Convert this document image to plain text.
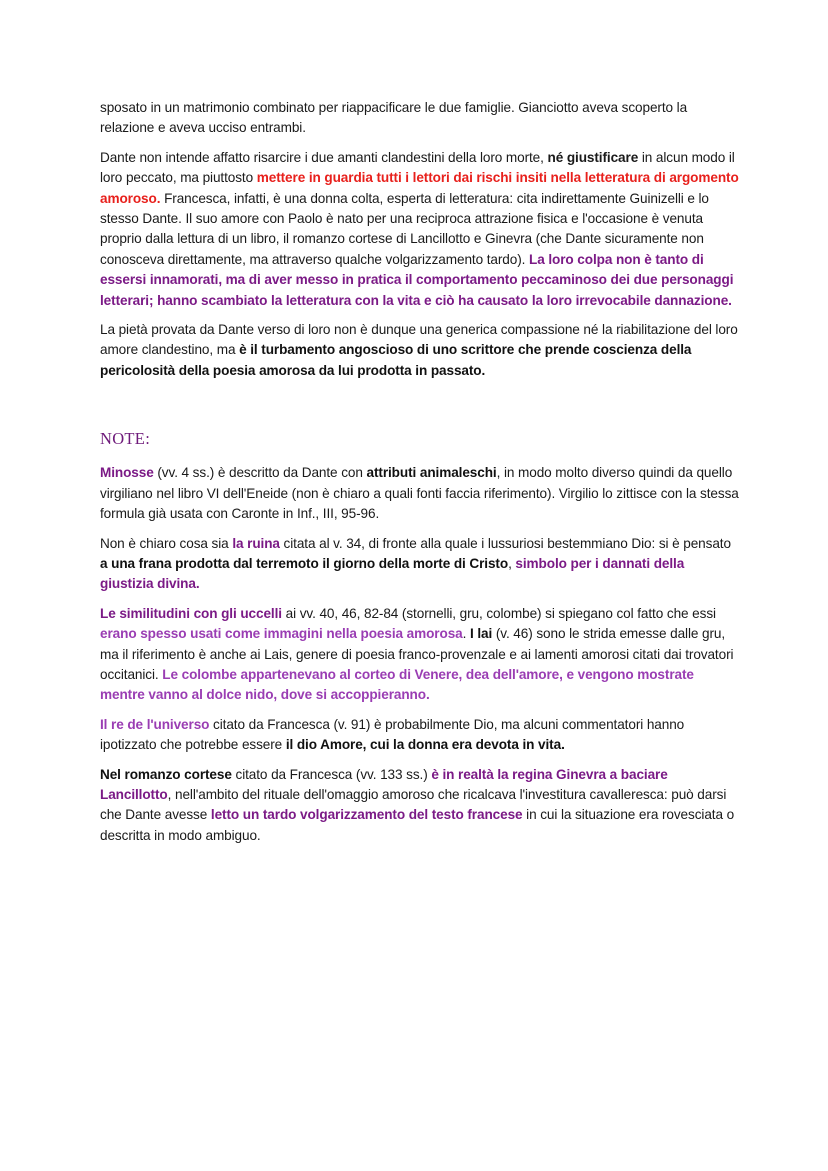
sposato in un matrimonio combinato per riappacificare le due famiglie. Gianciotto aveva scoperto la relazione e aveva ucciso entrambi.

Dante non intende affatto risarcire i due amanti clandestini della loro morte, né giustificare in alcun modo il loro peccato, ma piuttosto mettere in guardia tutti i lettori dai rischi insiti nella letteratura di argomento amoroso. Francesca, infatti, è una donna colta, esperta di letteratura: cita indirettamente Guinizelli e lo stesso Dante. Il suo amore con Paolo è nato per una reciproca attrazione fisica e l'occasione è venuta proprio dalla lettura di un libro, il romanzo cortese di Lancillotto e Ginevra (che Dante sicuramente non conosceva direttamente, ma attraverso qualche volgarizzamento tardo). La loro colpa non è tanto di essersi innamorati, ma di aver messo in pratica il comportamento peccaminoso dei due personaggi letterari; hanno scambiato la letteratura con la vita e ciò ha causato la loro irrevocabile dannazione.

La pietà provata da Dante verso di loro non è dunque una generica compassione né la riabilitazione del loro amore clandestino, ma è il turbamento angoscioso di uno scrittore che prende coscienza della pericolosità della poesia amorosa da lui prodotta in passato.

NOTE:

Minosse (vv. 4 ss.) è descritto da Dante con attributi animaleschi, in modo molto diverso quindi da quello virgiliano nel libro VI dell'Eneide (non è chiaro a quali fonti faccia riferimento). Virgilio lo zittisce con la stessa formula già usata con Caronte in Inf., III, 95-96.

Non è chiaro cosa sia la ruina citata al v. 34, di fronte alla quale i lussuriosi bestemmiano Dio: si è pensato a una frana prodotta dal terremoto il giorno della morte di Cristo, simbolo per i dannati della giustizia divina.

Le similitudini con gli uccelli ai vv. 40, 46, 82-84 (stornelli, gru, colombe) si spiegano col fatto che essi erano spesso usati come immagini nella poesia amorosa. I lai (v. 46) sono le strida emesse dalle gru, ma il riferimento è anche ai Lais, genere di poesia franco-provenzale e ai lamenti amorosi citati dai trovatori occitanici. Le colombe appartenevano al corteo di Venere, dea dell'amore, e vengono mostrate mentre vanno al dolce nido, dove si accoppieranno.

Il re de l'universo citato da Francesca (v. 91) è probabilmente Dio, ma alcuni commentatori hanno ipotizzato che potrebbe essere il dio Amore, cui la donna era devota in vita.

Nel romanzo cortese citato da Francesca (vv. 133 ss.) è in realtà la regina Ginevra a baciare Lancillotto, nell'ambito del rituale dell'omaggio amoroso che ricalcava l'investitura cavalleresca: può darsi che Dante avesse letto un tardo volgarizzamento del testo francese in cui la situazione era rovesciata o descritta in modo ambiguo.
